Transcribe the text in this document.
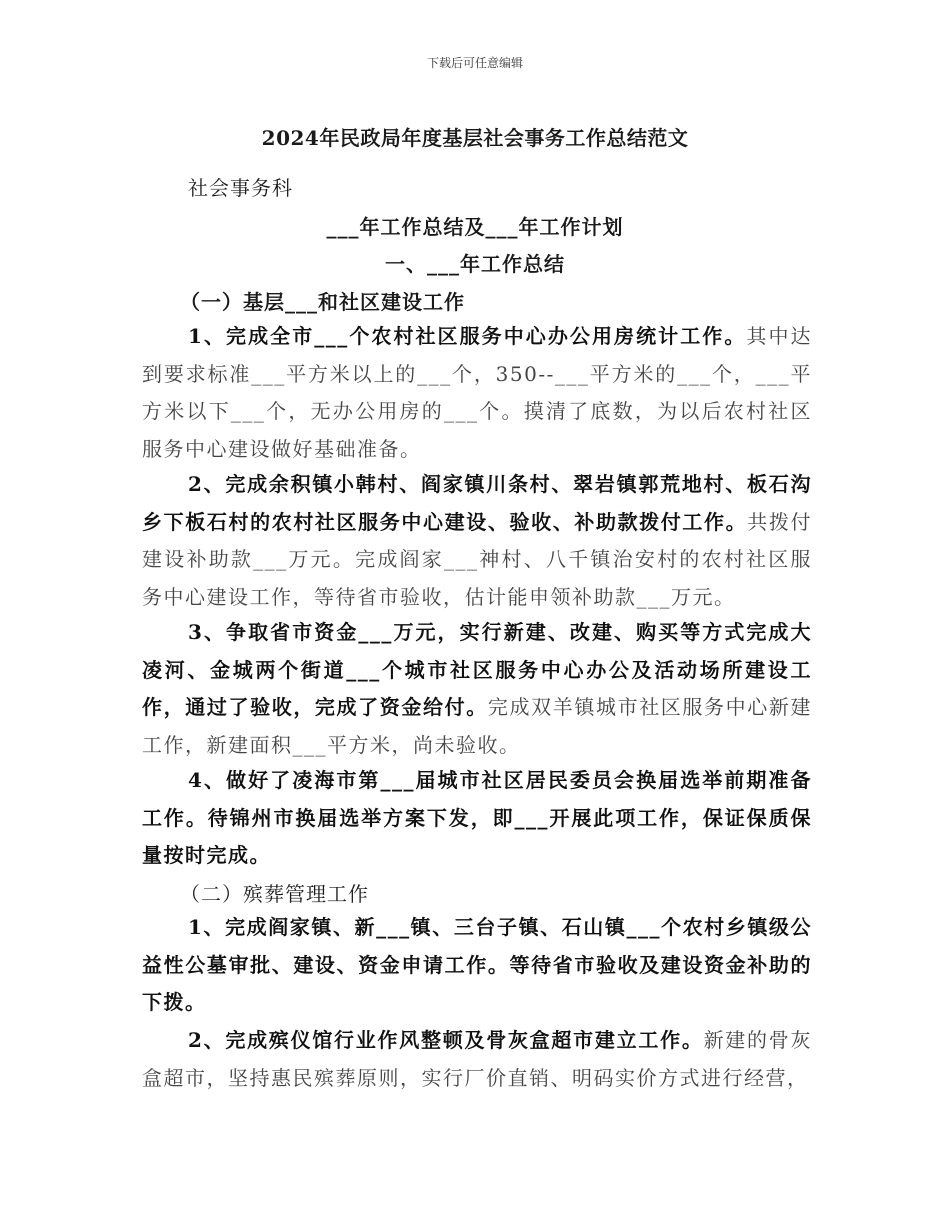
下载后可任意编辑
2024年民政局年度基层社会事务工作总结范文
社会事务科
___年工作总结及___年工作计划
一、___年工作总结
（一）基层___和社区建设工作

1、完成全市___个农村社区服务中心办公用房统计工作。其中达到要求标准___平方米以上的___个，350--___平方米的___个，___平方米以下___个，无办公用房的___个。摸清了底数，为以后农村社区服务中心建设做好基础准备。

2、完成余积镇小韩村、阎家镇川条村、翠岩镇郭荒地村、板石沟乡下板石村的农村社区服务中心建设、验收、补助款拨付工作。共拨付建设补助款___万元。完成阎家___神村、八千镇治安村的农村社区服务中心建设工作，等待省市验收，估计能申领补助款___万元。

3、争取省市资金___万元，实行新建、改建、购买等方式完成大凌河、金城两个街道___个城市社区服务中心办公及活动场所建设工作，通过了验收，完成了资金给付。完成双羊镇城市社区服务中心新建工作，新建面积___平方米，尚未验收。

4、做好了凌海市第___届城市社区居民委员会换届选举前期准备工作。待锦州市换届选举方案下发，即___开展此项工作，保证保质保量按时完成。

（二）殡葬管理工作

1、完成阎家镇、新___镇、三台子镇、石山镇___个农村乡镇级公益性公墓审批、建设、资金申请工作。等待省市验收及建设资金补助的下拨。

2、完成殡仪馆行业作风整顿及骨灰盒超市建立工作。新建的骨灰盒超市，坚持惠民殡葬原则，实行厂价直销、明码实价方式进行经营，
